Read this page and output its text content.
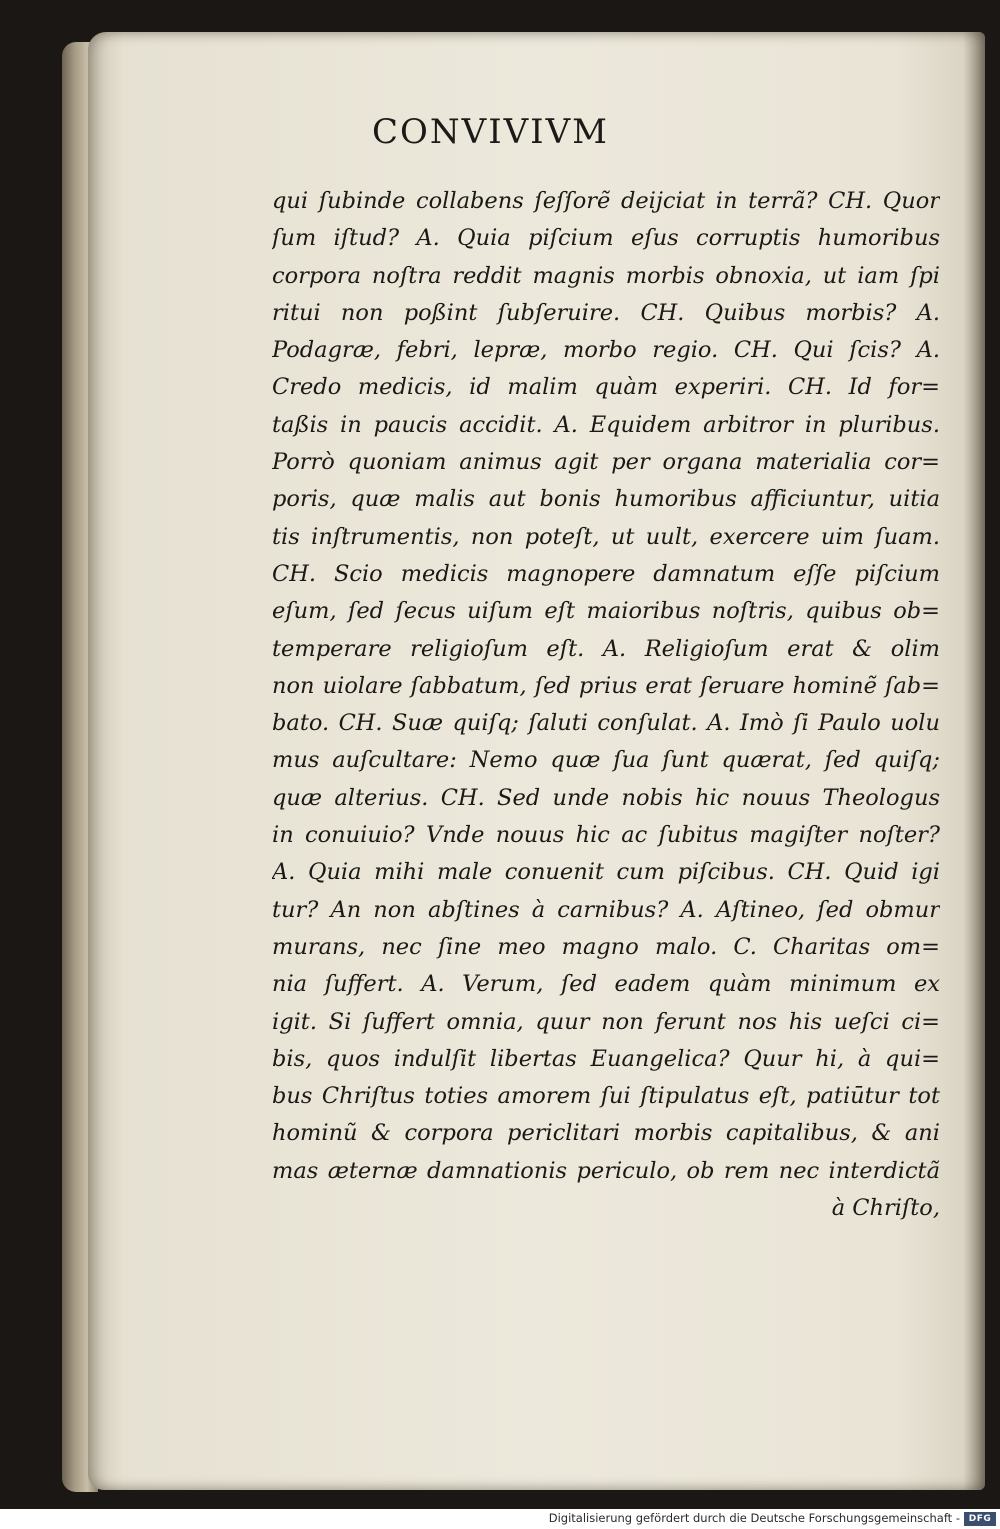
CONVIVIVM
qui ſubinde collabens ſeſſorẽ deijciat in terrã? CH. Quor
ſum iſtud? A. Quia piſcium eſus corruptis humoribus
corpora noſtra reddit magnis morbis obnoxia, ut iam ſpi
ritui non poßint ſubſeruire. CH. Quibus morbis? A.
Podagræ, febri, lepræ, morbo regio. CH. Qui ſcis? A.
Credo medicis, id malim quàm experiri. CH. Id for=
taßis in paucis accidit. A. Equidem arbitror in pluribus.
Porrò quoniam animus agit per organa materialia cor=
poris, quæ malis aut bonis humoribus afficiuntur, uitia
tis inſtrumentis, non poteſt, ut uult, exercere uim ſuam.
CH. Scio medicis magnopere damnatum eſſe piſcium
eſum, ſed ſecus uiſum eſt maioribus noſtris, quibus ob=
temperare religioſum eſt. A. Religioſum erat & olim
non uiolare ſabbatum, ſed prius erat ſeruare hominẽ ſab=
bato. CH. Suæ quiſq; ſaluti conſulat. A. Imò ſi Paulo uolu
mus auſcultare: Nemo quæ ſua ſunt quærat, ſed quiſq;
quæ alterius. CH. Sed unde nobis hic nouus Theologus
in conuiuio? Vnde nouus hic ac ſubitus magiſter noſter?
A. Quia mihi male conuenit cum piſcibus. CH. Quid igi
tur? An non abſtines à carnibus? A. Aſtineo, ſed obmur
murans, nec ſine meo magno malo. C. Charitas om=
nia ſuffert. A. Verum, ſed eadem quàm minimum ex
igit. Si ſuffert omnia, quur non ferunt nos his ueſci ci=
bis, quos indulſit libertas Euangelica? Quur hi, à qui=
bus Chriſtus toties amorem ſui ſtipulatus eſt, patiūtur tot
hominũ & corpora periclitari morbis capitalibus, & ani
mas æternæ damnationis periculo, ob rem nec interdictã
à Chriſto,
Digitalisierung gefördert durch die Deutsche Forschungsgemeinschaft - DFG
